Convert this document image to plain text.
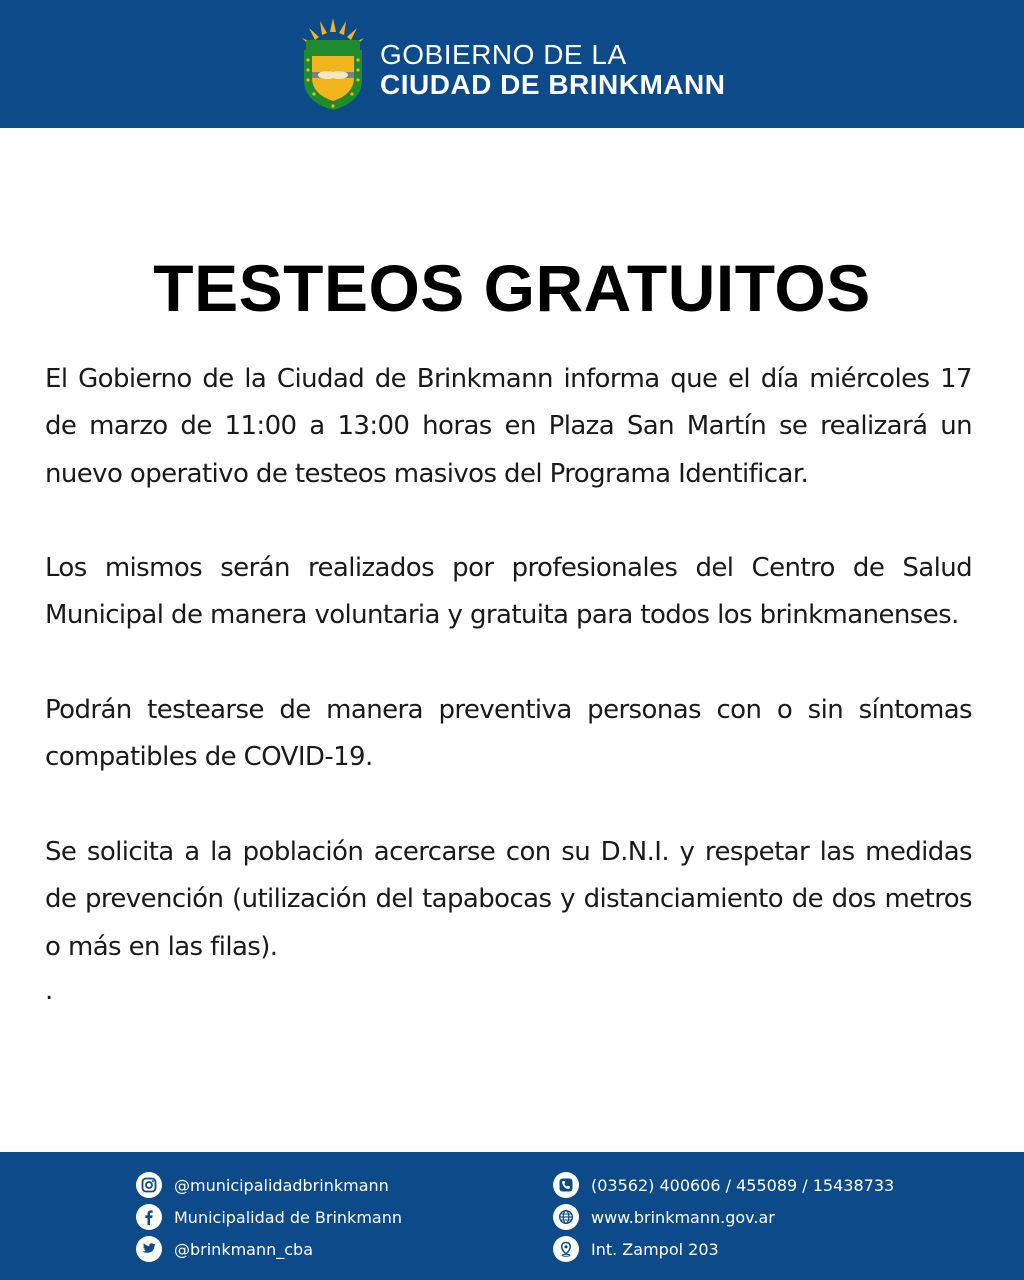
GOBIERNO DE LA
CIUDAD DE BRINKMANN
TESTEOS GRATUITOS

El Gobierno de la Ciudad de Brinkmann informa que el día miércoles 17 de marzo de 11:00 a 13:00 horas en Plaza San Martín se realizará un nuevo operativo de testeos masivos del Programa Identificar.

Los mismos serán realizados por profesionales del Centro de Salud Municipal de manera voluntaria y gratuita para todos los brinkmanenses.

Podrán testearse de manera preventiva personas con o sin síntomas compatibles de COVID-19.

Se solicita a la población acercarse con su D.N.I. y respetar las medidas de prevención (utilización del tapabocas y distanciamiento de dos metros o más en las filas).

.

@municipalidadbrinkmann
Municipalidad de Brinkmann
@brinkmann_cba
(03562) 400606 / 455089 / 15438733
www.brinkmann.gov.ar
Int. Zampol 203
